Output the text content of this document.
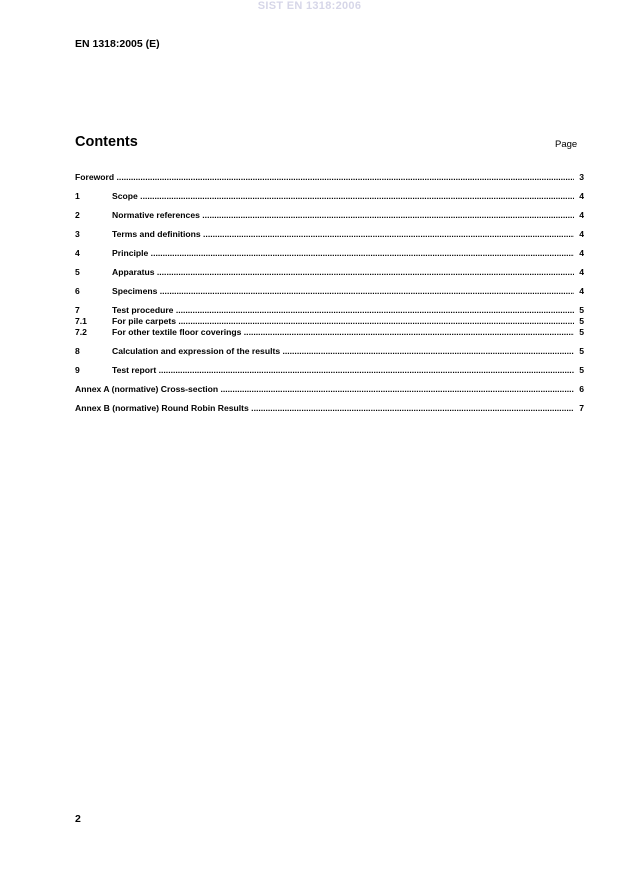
SIST EN 1318:2006
EN 1318:2005 (E)
Contents	Page
Foreword .....	3
1	Scope .....	4
2	Normative references .....	4
3	Terms and definitions .....	4
4	Principle .....	4
5	Apparatus .....	4
6	Specimens .....	4
7	Test procedure .....	5
7.1	For pile carpets .....	5
7.2	For other textile floor coverings .....	5
8	Calculation and expression of the results .....	5
9	Test report .....	5
Annex A (normative) Cross-section .....	6
Annex B (normative) Round Robin Results .....	7
2
